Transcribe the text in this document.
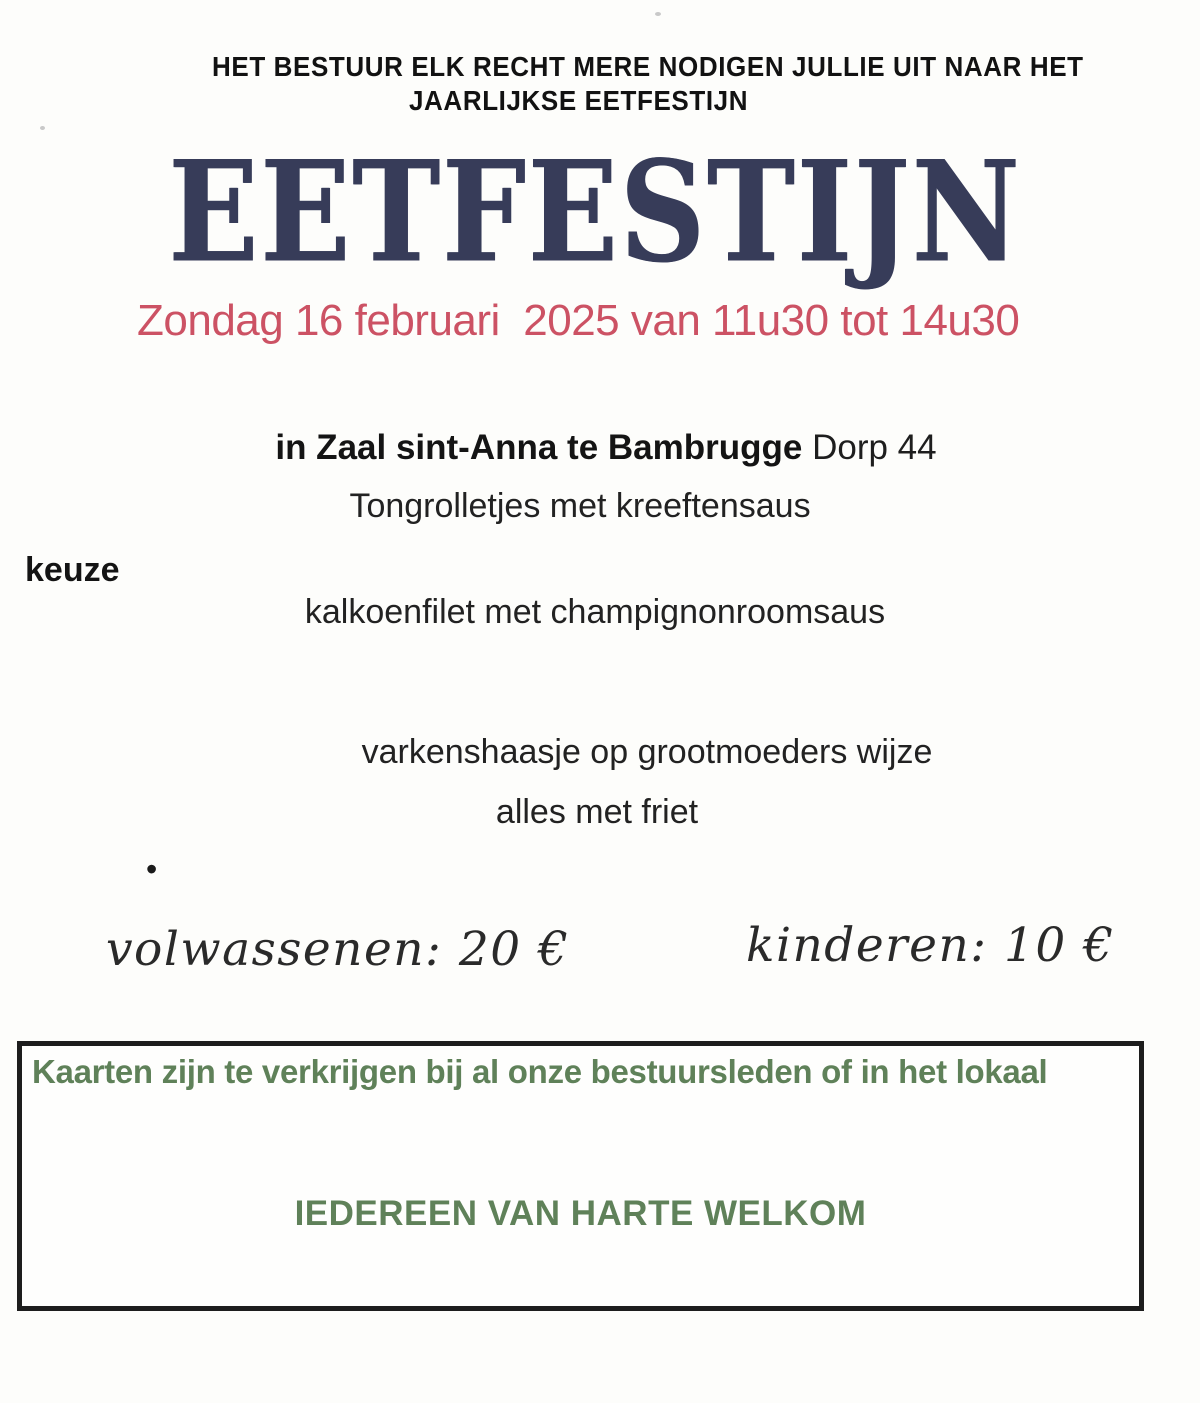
HET BESTUUR ELK RECHT MERE NODIGEN JULLIE UIT NAAR HET
JAARLIJKSE EETFESTIJN
EETFESTIJN
Zondag 16 februari  2025 van 11u30 tot 14u30
in Zaal sint-Anna te Bambrugge Dorp 44
Tongrolletjes met kreeftensaus
keuze
kalkoenfilet met champignonroomsaus
varkenshaasje op grootmoeders wijze
alles met friet
•
volwassenen: 20 €	kinderen: 10 €
Kaarten zijn te verkrijgen bij al onze bestuursleden of in het lokaal
IEDEREEN VAN HARTE WELKOM
